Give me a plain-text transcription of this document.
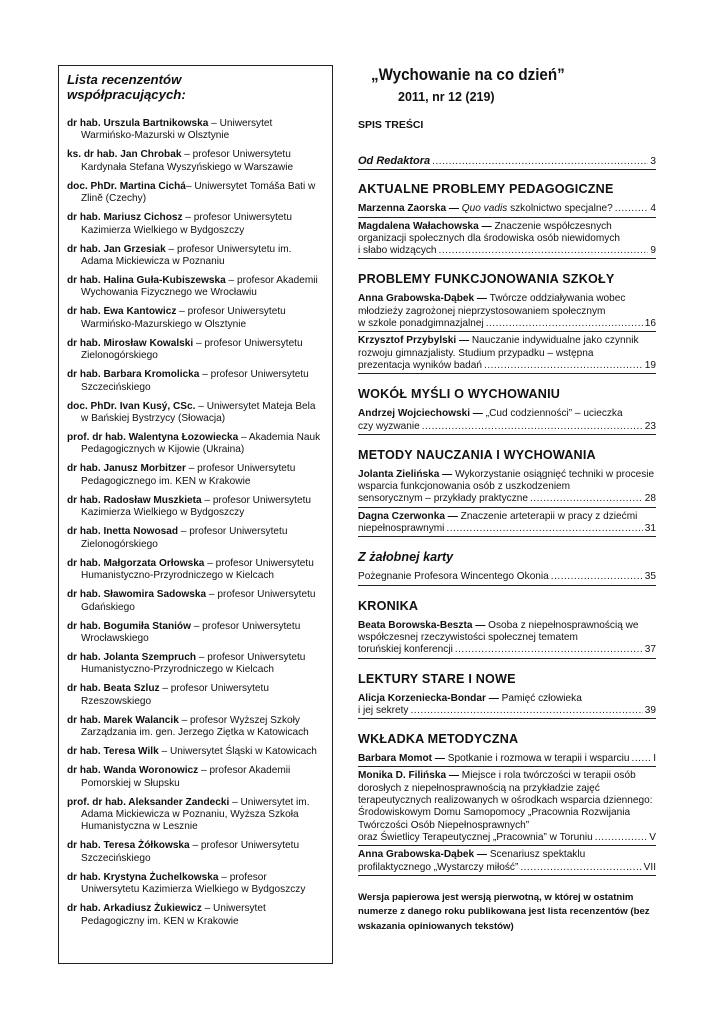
Lista recenzentów
współpracujących:
dr hab. Urszula Bartnikowska – Uniwersytet Warmińsko-Mazurski w Olsztynie
ks. dr hab. Jan Chrobak – profesor Uniwersytetu Kardynała Stefana Wyszyńskiego w Warszawie
doc. PhDr. Martina Cichá– Uniwersytet Tomáša Bati w Zlinĕ (Czechy)
dr hab. Mariusz Cichosz – profesor Uniwersytetu Kazimierza Wielkiego w Bydgoszczy
dr hab. Jan Grzesiak – profesor Uniwersytetu im. Adama Mickiewicza w Poznaniu
dr hab. Halina Guła-Kubiszewska – profesor Akademii Wychowania Fizycznego we Wrocławiu
dr hab. Ewa Kantowicz – profesor Uniwersytetu Warmińsko-Mazurskiego w Olsztynie
dr hab. Mirosław Kowalski – profesor Uniwersytetu Zielonogórskiego
dr hab. Barbara Kromolicka – profesor Uniwersytetu Szczecińskiego
doc. PhDr. Ivan Kusý, CSc. – Uniwersytet Mateja Bela w Bańskiej Bystrzycy (Słowacja)
prof. dr hab. Walentyna Łozowiecka – Akademia Nauk Pedagogicznych w Kijowie (Ukraina)
dr hab. Janusz Morbitzer – profesor Uniwersytetu Pedagogicznego im. KEN w Krakowie
dr hab. Radosław Muszkieta – profesor Uniwersytetu Kazimierza Wielkiego w Bydgoszczy
dr hab. Inetta Nowosad – profesor Uniwersytetu Zielonogórskiego
dr hab. Małgorzata Orłowska – profesor Uniwersytetu Humanistyczno-Przyrodniczego w Kielcach
dr hab. Sławomira Sadowska – profesor Uniwersytetu Gdańskiego
dr hab. Bogumiła Staniów – profesor Uniwersytetu Wrocławskiego
dr hab. Jolanta Szempruch – profesor Uniwersytetu Humanistyczno-Przyrodniczego w Kielcach
dr hab. Beata Szluz – profesor Uniwersytetu Rzeszowskiego
dr hab. Marek Walancik – profesor Wyższej Szkoły Zarządzania im. gen. Jerzego Ziętka w Katowicach
dr hab. Teresa Wilk – Uniwersytet Śląski w Katowicach
dr hab. Wanda Woronowicz – profesor Akademii Pomorskiej w Słupsku
prof. dr hab. Aleksander Zandecki – Uniwersytet im. Adama Mickiewicza w Poznaniu, Wyższa Szkoła Humanistyczna w Lesznie
dr hab. Teresa Żółkowska – profesor Uniwersytetu Szczecińskiego
dr hab. Krystyna Żuchelkowska – profesor Uniwersytetu Kazimierza Wielkiego w Bydgoszczy
dr hab. Arkadiusz Żukiewicz – Uniwersytet Pedagogiczny im. KEN w Krakowie
„Wychowanie na co dzień”
2011, nr 12 (219)
SPIS TREŚCI
Od Redaktora .....	3
AKTUALNE PROBLEMY PEDAGOGICZNE
Marzenna Zaorska — Quo vadis szkolnictwo specjalne? .....	4
Magdalena Wałachowska — Znaczenie współczesnych organizacji społecznych dla środowiska osób niewidomych
i słabo widzących .....	9
PROBLEMY FUNKCJONOWANIA SZKOŁY
Anna Grabowska-Dąbek — Twórcze oddziaływania wobec młodzieży zagrożonej nieprzystosowaniem społecznym
w szkole ponadgimnazjalnej .....	16
Krzysztof Przybylski — Nauczanie indywidualne jako czynnik rozwoju gimnazjalisty. Studium przypadku – wstępna
prezentacja wyników badań .....	19
WOKÓŁ MYŚLI O WYCHOWANIU
Andrzej Wojciechowski — „Cud codzienności” – ucieczka
czy wyzwanie .....	23
METODY NAUCZANIA I WYCHOWANIA
Jolanta Zielińska — Wykorzystanie osiągnięć techniki w procesie wsparcia funkcjonowania osób z uszkodzeniem
sensorycznym – przykłady praktyczne .....	28
Dagna Czerwonka — Znaczenie arteterapii w pracy z dziećmi
niepełnosprawnymi .....	31
Z żałobnej karty
Pożegnanie Profesora Wincentego Okonia .....	35
KRONIKA
Beata Borowska-Beszta — Osoba z niepełnosprawnością we współczesnej rzeczywistości społecznej tematem
toruńskiej konferencji .....	37
LEKTURY STARE I NOWE
Alicja Korzeniecka-Bondar — Pamięć człowieka
i jej sekrety .....	39
WKŁADKA METODYCZNA
Barbara Momot — Spotkanie i rozmowa w terapii i wsparciu ..... I
Monika D. Filińska — Miejsce i rola twórczości w terapii osób dorosłych z niepełnosprawnością na przykładzie zajęć terapeutycznych realizowanych w ośrodkach wsparcia dziennego: Środowiskowym Domu Samopomocy „Pracownia Rozwijania Twórczości Osób Niepełnosprawnych”
oraz Świetlicy Terapeutycznej „Pracownia” w Toruniu .....	V
Anna Grabowska-Dąbek — Scenariusz spektaklu
profilaktycznego „Wystarczy miłość” .....	VII

Wersja papierowa jest wersją pierwotną, w której w ostatnim numerze z danego roku publikowana jest lista recenzentów (bez wskazania opiniowanych tekstów)
